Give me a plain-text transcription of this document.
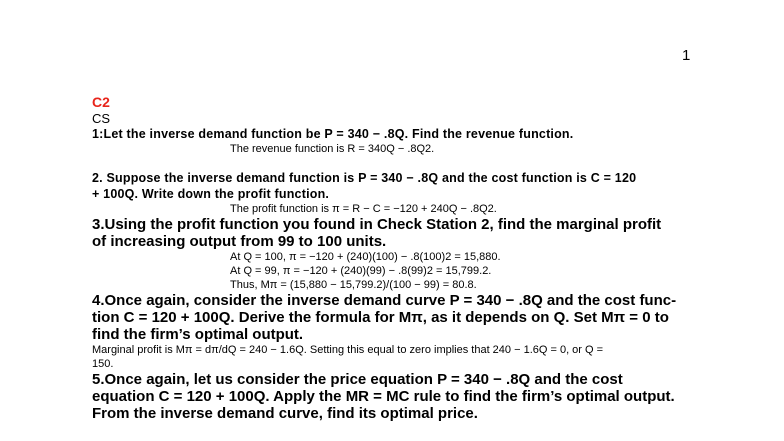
1
C2
CS
1:Let the inverse demand function be P = 340 − .8Q. Find the revenue function.
The revenue function is R = 340Q − .8Q2.
2. Suppose the inverse demand function is P = 340 − .8Q and the cost function is C = 120
+ 100Q. Write down the profit function.
The profit function is π = R − C = −120 + 240Q − .8Q2.
3.Using the profit function you found in Check Station 2, find the marginal profit
of increasing output from 99 to 100 units.
At Q = 100, π = −120 + (240)(100) − .8(100)2 = 15,880.
At Q = 99, π = −120 + (240)(99) − .8(99)2 = 15,799.2.
Thus, Mπ = (15,880 − 15,799.2)/(100 − 99) = 80.8.
4.Once again, consider the inverse demand curve P = 340 − .8Q and the cost func-
tion C = 120 + 100Q. Derive the formula for Mπ, as it depends on Q. Set Mπ = 0 to
find the firm’s optimal output.
Marginal profit is Mπ = dπ/dQ = 240 − 1.6Q. Setting this equal to zero implies that 240 − 1.6Q = 0, or Q =
150.
5.Once again, let us consider the price equation P = 340 − .8Q and the cost
equation C = 120 + 100Q. Apply the MR = MC rule to find the firm’s optimal output.
From the inverse demand curve, find its optimal price.
